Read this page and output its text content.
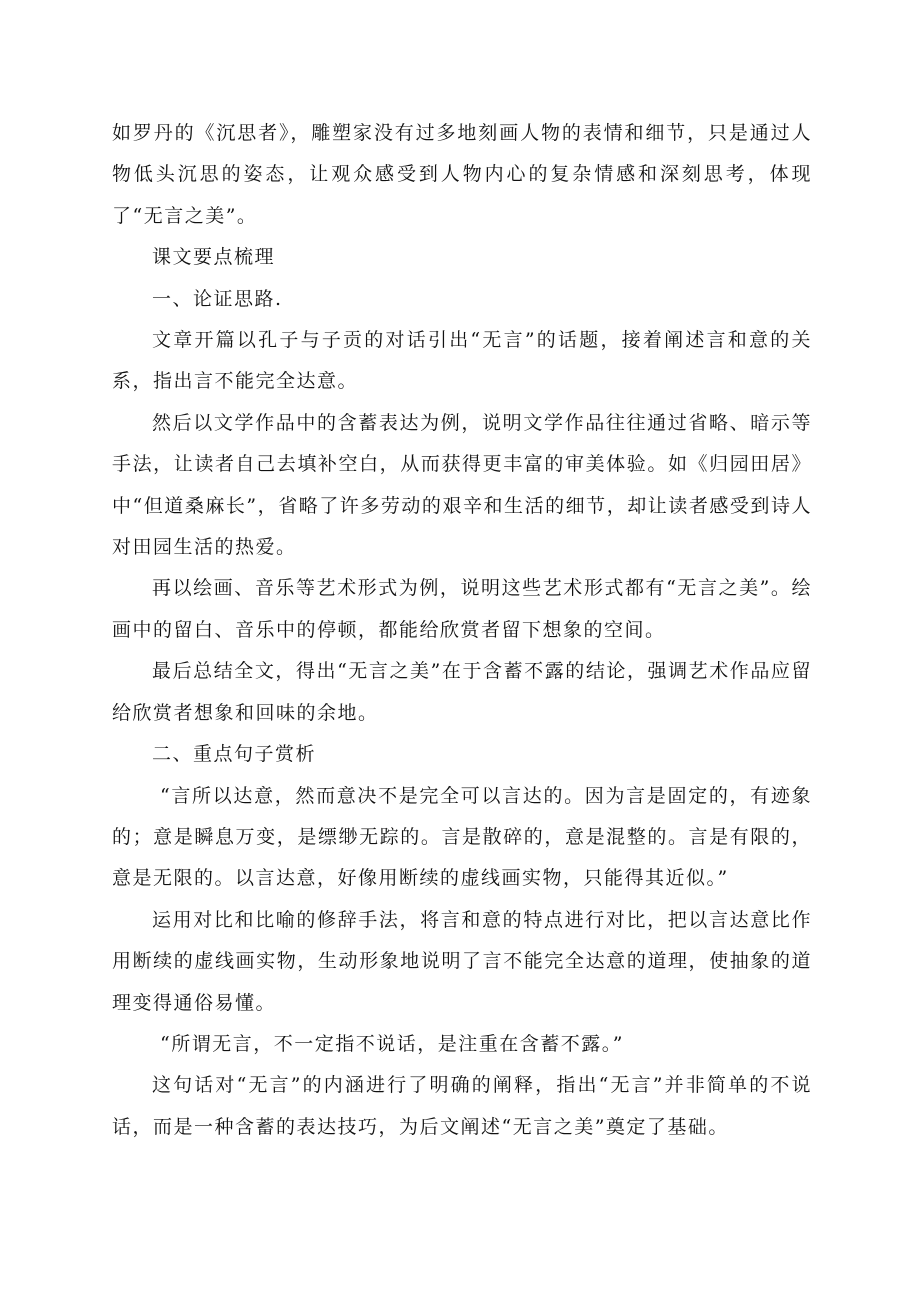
如罗丹的《沉思者》，雕塑家没有过多地刻画人物的表情和细节，只是通过人物低头沉思的姿态，让观众感受到人物内心的复杂情感和深刻思考，体现了“无言之美”。

课文要点梳理

一、论证思路.

文章开篇以孔子与子贡的对话引出“无言”的话题，接着阐述言和意的关系，指出言不能完全达意。

然后以文学作品中的含蓄表达为例，说明文学作品往往通过省略、暗示等手法，让读者自己去填补空白，从而获得更丰富的审美体验。如《归园田居》中“但道桑麻长”，省略了许多劳动的艰辛和生活的细节，却让读者感受到诗人对田园生活的热爱。

再以绘画、音乐等艺术形式为例，说明这些艺术形式都有“无言之美”。绘画中的留白、音乐中的停顿，都能给欣赏者留下想象的空间。

最后总结全文，得出“无言之美”在于含蓄不露的结论，强调艺术作品应留给欣赏者想象和回味的余地。

二、重点句子赏析

“言所以达意，然而意决不是完全可以言达的。因为言是固定的，有迹象的；意是瞬息万变，是缥缈无踪的。言是散碎的，意是混整的。言是有限的，意是无限的。以言达意，好像用断续的虚线画实物，只能得其近似。”

运用对比和比喻的修辞手法，将言和意的特点进行对比，把以言达意比作用断续的虚线画实物，生动形象地说明了言不能完全达意的道理，使抽象的道理变得通俗易懂。

“所谓无言，不一定指不说话，是注重在含蓄不露。”

这句话对“无言”的内涵进行了明确的阐释，指出“无言”并非简单的不说话，而是一种含蓄的表达技巧，为后文阐述“无言之美”奠定了基础。
